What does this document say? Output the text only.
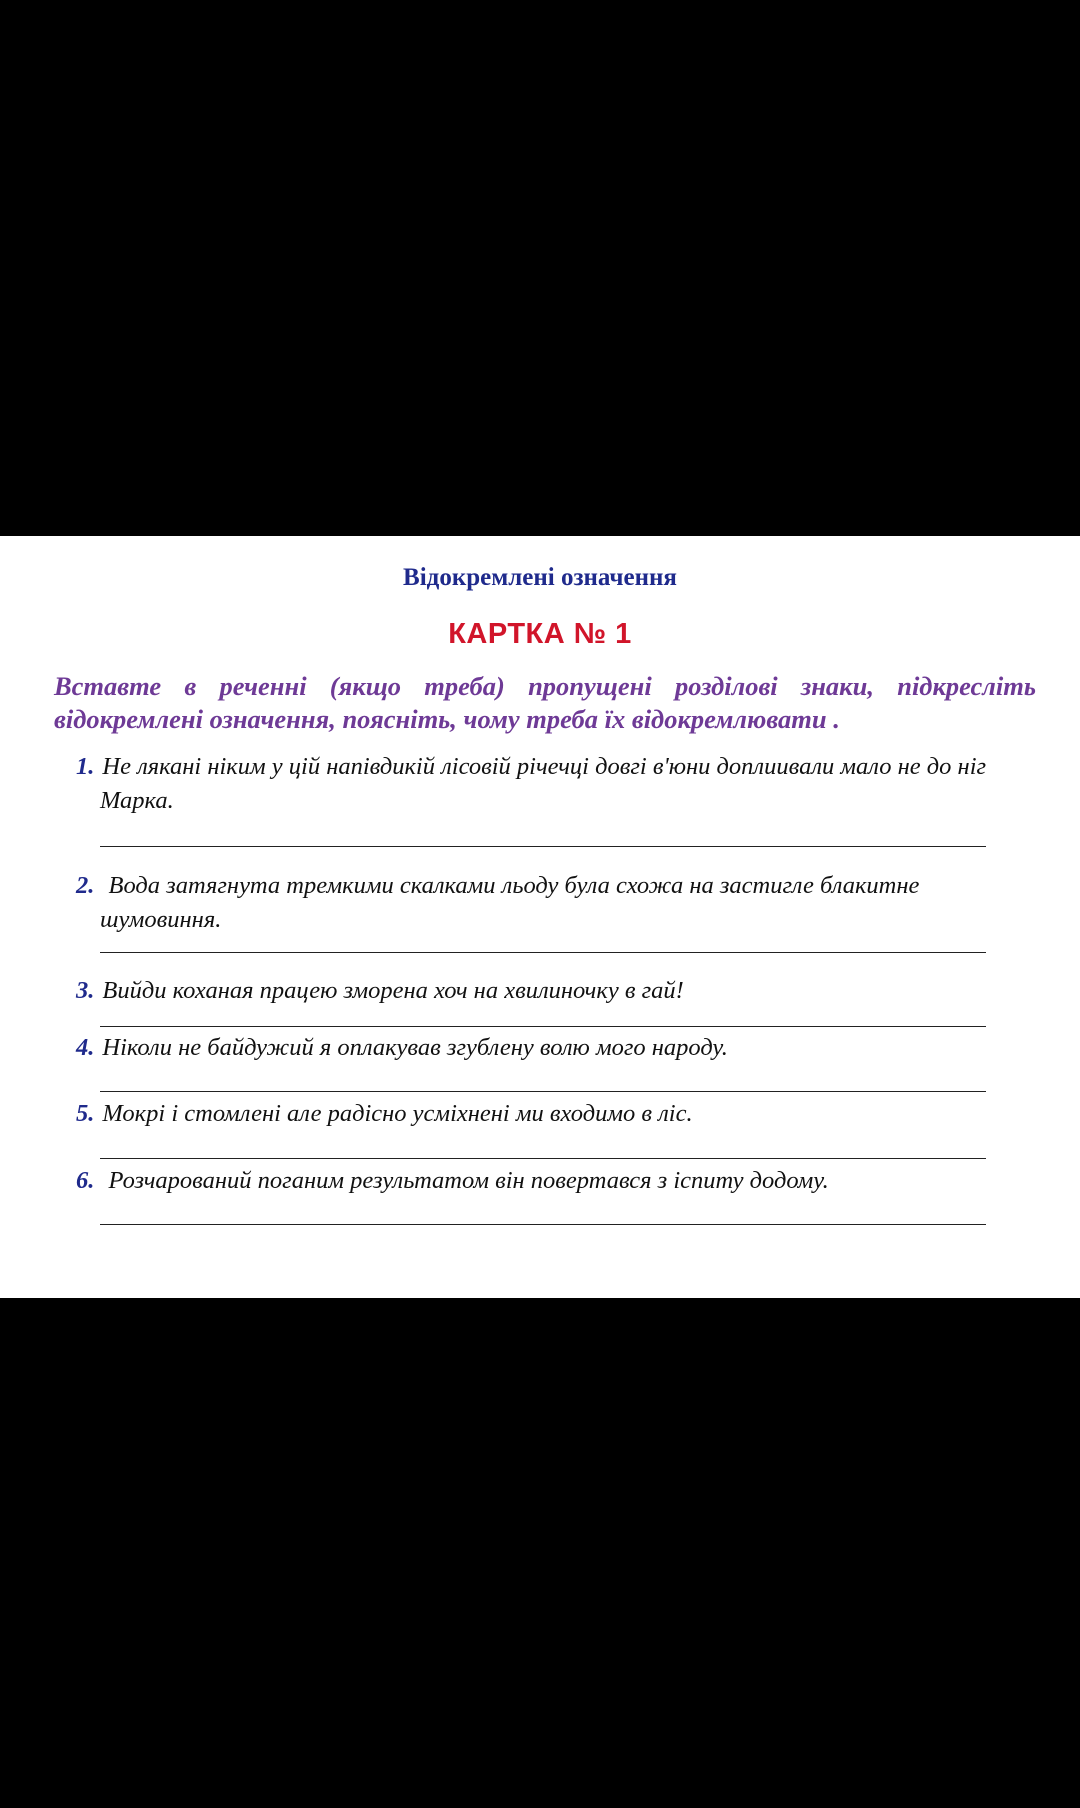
Відокремлені означення
КАРТКА № 1
Вставте в реченні (якщо треба) пропущені розділові знаки, підкресліть відокремлені означення, поясніть, чому треба їх відокремлювати .
1. Не лякані ніким у цій напівдикій лісовій річечці довгі в'юни доплиивали мало не до ніг
Марка.
2. Вода затягнута тремкими скалками льоду була схожа на застигле блакитне
шумовиння.
3. Вийди коханая працею зморена хоч на хвилиночку в гай!
4. Ніколи не байдужий я оплакував згублену волю мого народу.
5. Мокрі і стомлені але радісно усміхнені ми входимо в ліс.
6. Розчарований поганим результатом він повертався з іспиту додому.
